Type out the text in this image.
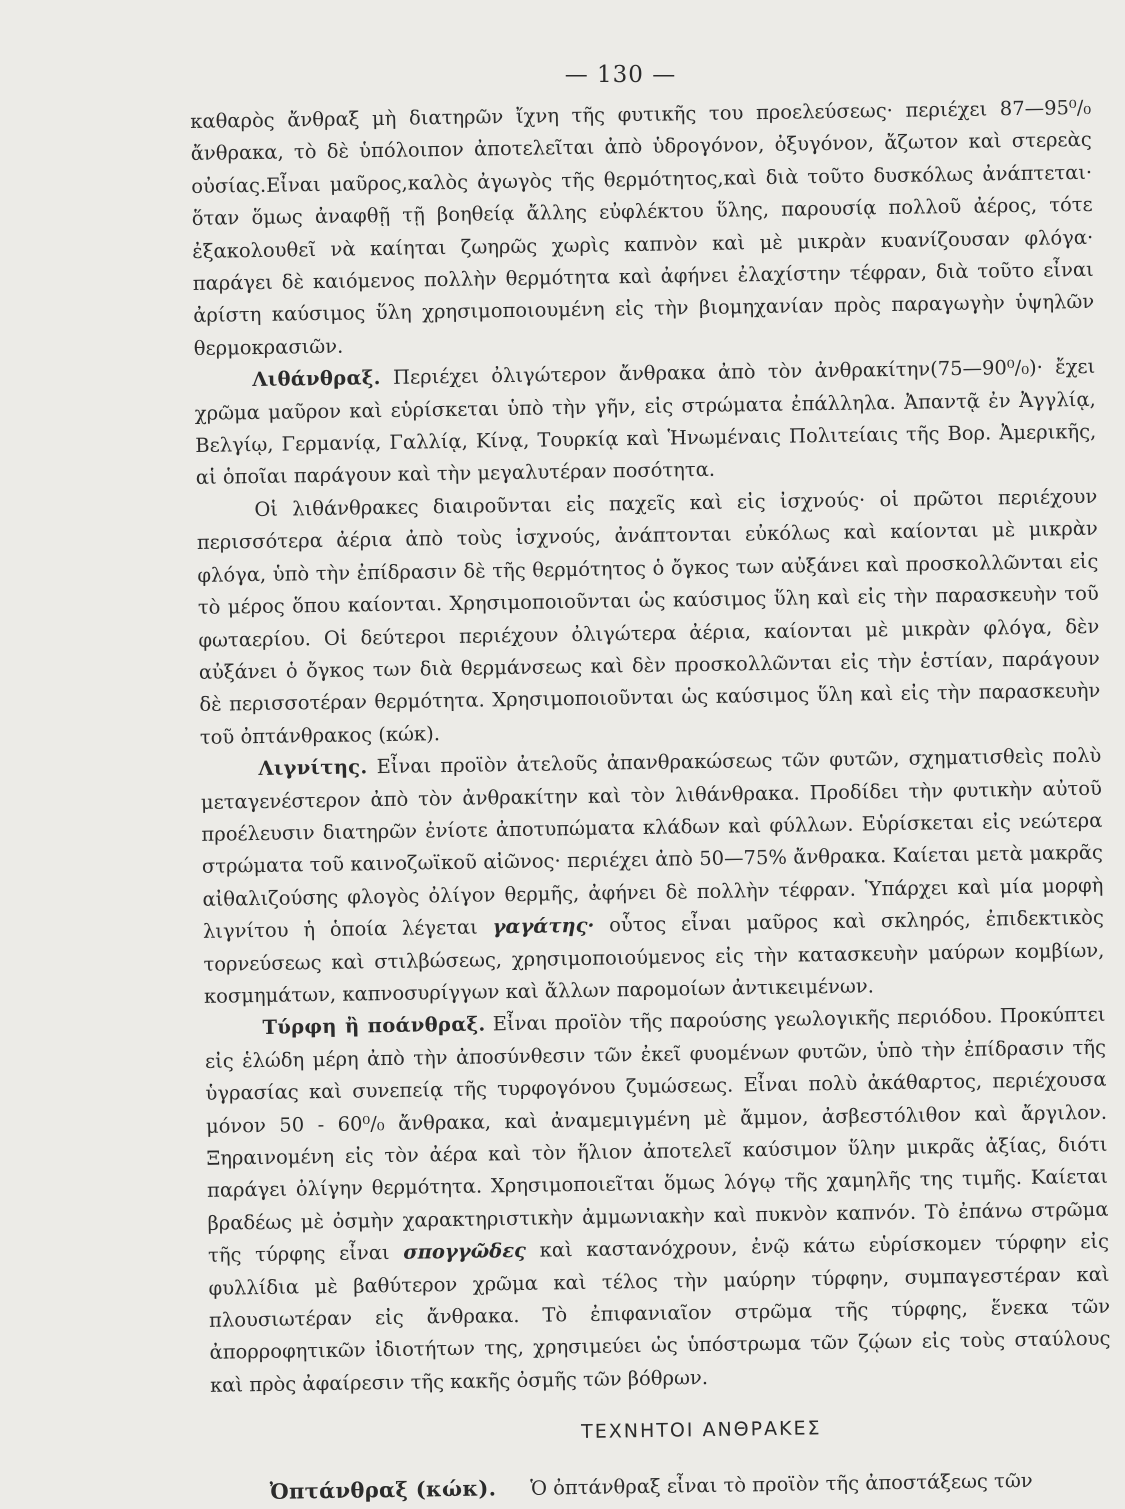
— 130 —

καθαρὸς ἄνθραξ μὴ διατηρῶν ἴχνη τῆς φυτικῆς του προελεύσεως· περιέχει 87—95⁰/₀ ἄνθρακα, τὸ δὲ ὑπόλοιπον ἀποτελεῖται ἀπὸ ὑδρογόνον, ὀξυγόνον, ἄζωτον καὶ στερεὰς οὐσίας.Εἶναι μαῦρος,καλὸς ἀγωγὸς τῆς θερμότητος,καὶ διὰ τοῦτο δυσκόλως ἀνάπτεται· ὅταν ὅμως ἀναφθῇ τῇ βοηθείᾳ ἄλλης εὐφλέκτου ὕλης, παρουσίᾳ πολλοῦ ἀέρος, τότε ἐξακολουθεῖ νὰ καίηται ζωηρῶς χωρὶς καπνὸν καὶ μὲ μικρὰν κυανίζουσαν φλόγα· παράγει δὲ καιόμενος πολλὴν θερμότητα καὶ ἀφήνει ἐλαχίστην τέφραν, διὰ τοῦτο εἶναι ἀρίστη καύσιμος ὕλη χρησιμοποιουμένη εἰς τὴν βιομηχανίαν πρὸς παραγωγὴν ὑψηλῶν θερμοκρασιῶν.

Λιθάνθραξ. Περιέχει ὀλιγώτερον ἄνθρακα ἀπὸ τὸν ἀνθρακίτην(75—90⁰/₀)· ἔχει χρῶμα μαῦρον καὶ εὑρίσκεται ὑπὸ τὴν γῆν, εἰς στρώματα ἐπάλληλα. Ἀπαντᾷ ἐν Ἀγγλίᾳ, Βελγίῳ, Γερμανίᾳ, Γαλλίᾳ, Κίνᾳ, Τουρκίᾳ καὶ Ἡνωμέναις Πολιτείαις τῆς Βορ. Ἀμερικῆς, αἱ ὁποῖαι παράγουν καὶ τὴν μεγαλυτέραν ποσότητα.

Οἱ λιθάνθρακες διαιροῦνται εἰς παχεῖς καὶ εἰς ἰσχνούς· οἱ πρῶτοι περιέχουν περισσότερα ἀέρια ἀπὸ τοὺς ἰσχνούς, ἀνάπτονται εὐκόλως καὶ καίονται μὲ μικρὰν φλόγα, ὑπὸ τὴν ἐπίδρασιν δὲ τῆς θερμότητος ὁ ὄγκος των αὐξάνει καὶ προσκολλῶνται εἰς τὸ μέρος ὅπου καίονται. Χρησιμοποιοῦνται ὡς καύσιμος ὕλη καὶ εἰς τὴν παρασκευὴν τοῦ φωταερίου. Οἱ δεύτεροι περιέχουν ὀλιγώτερα ἀέρια, καίονται μὲ μικρὰν φλόγα, δὲν αὐξάνει ὁ ὄγκος των διὰ θερμάνσεως καὶ δὲν προσκολλῶνται εἰς τὴν ἑστίαν, παράγουν δὲ περισσοτέραν θερμότητα. Χρησιμοποιοῦνται ὡς καύσιμος ὕλη καὶ εἰς τὴν παρασκευὴν τοῦ ὀπτάνθρακος (κώκ).

Λιγνίτης. Εἶναι προϊὸν ἀτελοῦς ἀπανθρακώσεως τῶν φυτῶν, σχηματισθεὶς πολὺ μεταγενέστερον ἀπὸ τὸν ἀνθρακίτην καὶ τὸν λιθάνθρακα. Προδίδει τὴν φυτικὴν αὐτοῦ προέλευσιν διατηρῶν ἐνίοτε ἀποτυπώματα κλάδων καὶ φύλλων. Εὑρίσκεται εἰς νεώτερα στρώματα τοῦ καινοζωϊκοῦ αἰῶνος· περιέχει ἀπὸ 50—75% ἄνθρακα. Καίεται μετὰ μακρᾶς αἰθαλιζούσης φλογὸς ὀλίγον θερμῆς, ἀφήνει δὲ πολλὴν τέφραν. Ὑπάρχει καὶ μία μορφὴ λιγνίτου ἡ ὁποία λέγεται γαγάτης· οὗτος εἶναι μαῦρος καὶ σκληρός, ἐπιδεκτικὸς τορνεύσεως καὶ στιλβώσεως, χρησιμοποιούμενος εἰς τὴν κατασκευὴν μαύρων κομβίων, κοσμημάτων, καπνοσυρίγγων καὶ ἄλλων παρομοίων ἀντικειμένων.

Τύρφη ἢ ποάνθραξ. Εἶναι προϊὸν τῆς παρούσης γεωλογικῆς περιόδου. Προκύπτει εἰς ἑλώδη μέρη ἀπὸ τὴν ἀποσύνθεσιν τῶν ἐκεῖ φυομένων φυτῶν, ὑπὸ τὴν ἐπίδρασιν τῆς ὑγρασίας καὶ συνεπείᾳ τῆς τυρφογόνου ζυμώσεως. Εἶναι πολὺ ἀκάθαρτος, περιέχουσα μόνον 50 - 60⁰/₀ ἄνθρακα, καὶ ἀναμεμιγμένη μὲ ἄμμον, ἀσβεστόλιθον καὶ ἄργιλον. Ξηραινομένη εἰς τὸν ἀέρα καὶ τὸν ἥλιον ἀποτελεῖ καύσιμον ὕλην μικρᾶς ἀξίας, διότι παράγει ὀλίγην θερμότητα. Χρησιμοποιεῖται ὅμως λόγῳ τῆς χαμηλῆς της τιμῆς. Καίεται βραδέως μὲ ὀσμὴν χαρακτηριστικὴν ἀμμωνιακὴν καὶ πυκνὸν καπνόν. Τὸ ἐπάνω στρῶμα τῆς τύρφης εἶναι σπογγῶδες καὶ καστανόχρουν, ἐνῷ κάτω εὑρίσκομεν τύρφην εἰς φυλλίδια μὲ βαθύτερον χρῶμα καὶ τέλος τὴν μαύρην τύρφην, συμπαγεστέραν καὶ πλουσιωτέραν εἰς ἄνθρακα. Τὸ ἐπιφανιαῖον στρῶμα τῆς τύρφης, ἕνεκα τῶν ἀπορροφητικῶν ἰδιοτήτων της, χρησιμεύει ὡς ὑπόστρωμα τῶν ζῴων εἰς τοὺς σταύλους καὶ πρὸς ἀφαίρεσιν τῆς κακῆς ὀσμῆς τῶν βόθρων.

ΤΕΧΝΗΤΟΙ ΑΝΘΡΑΚΕΣ

Ὀπτάνθραξ (κώκ). Ὁ ὀπτάνθραξ εἶναι τὸ προϊὸν τῆς ἀποστάξεως τῶν
